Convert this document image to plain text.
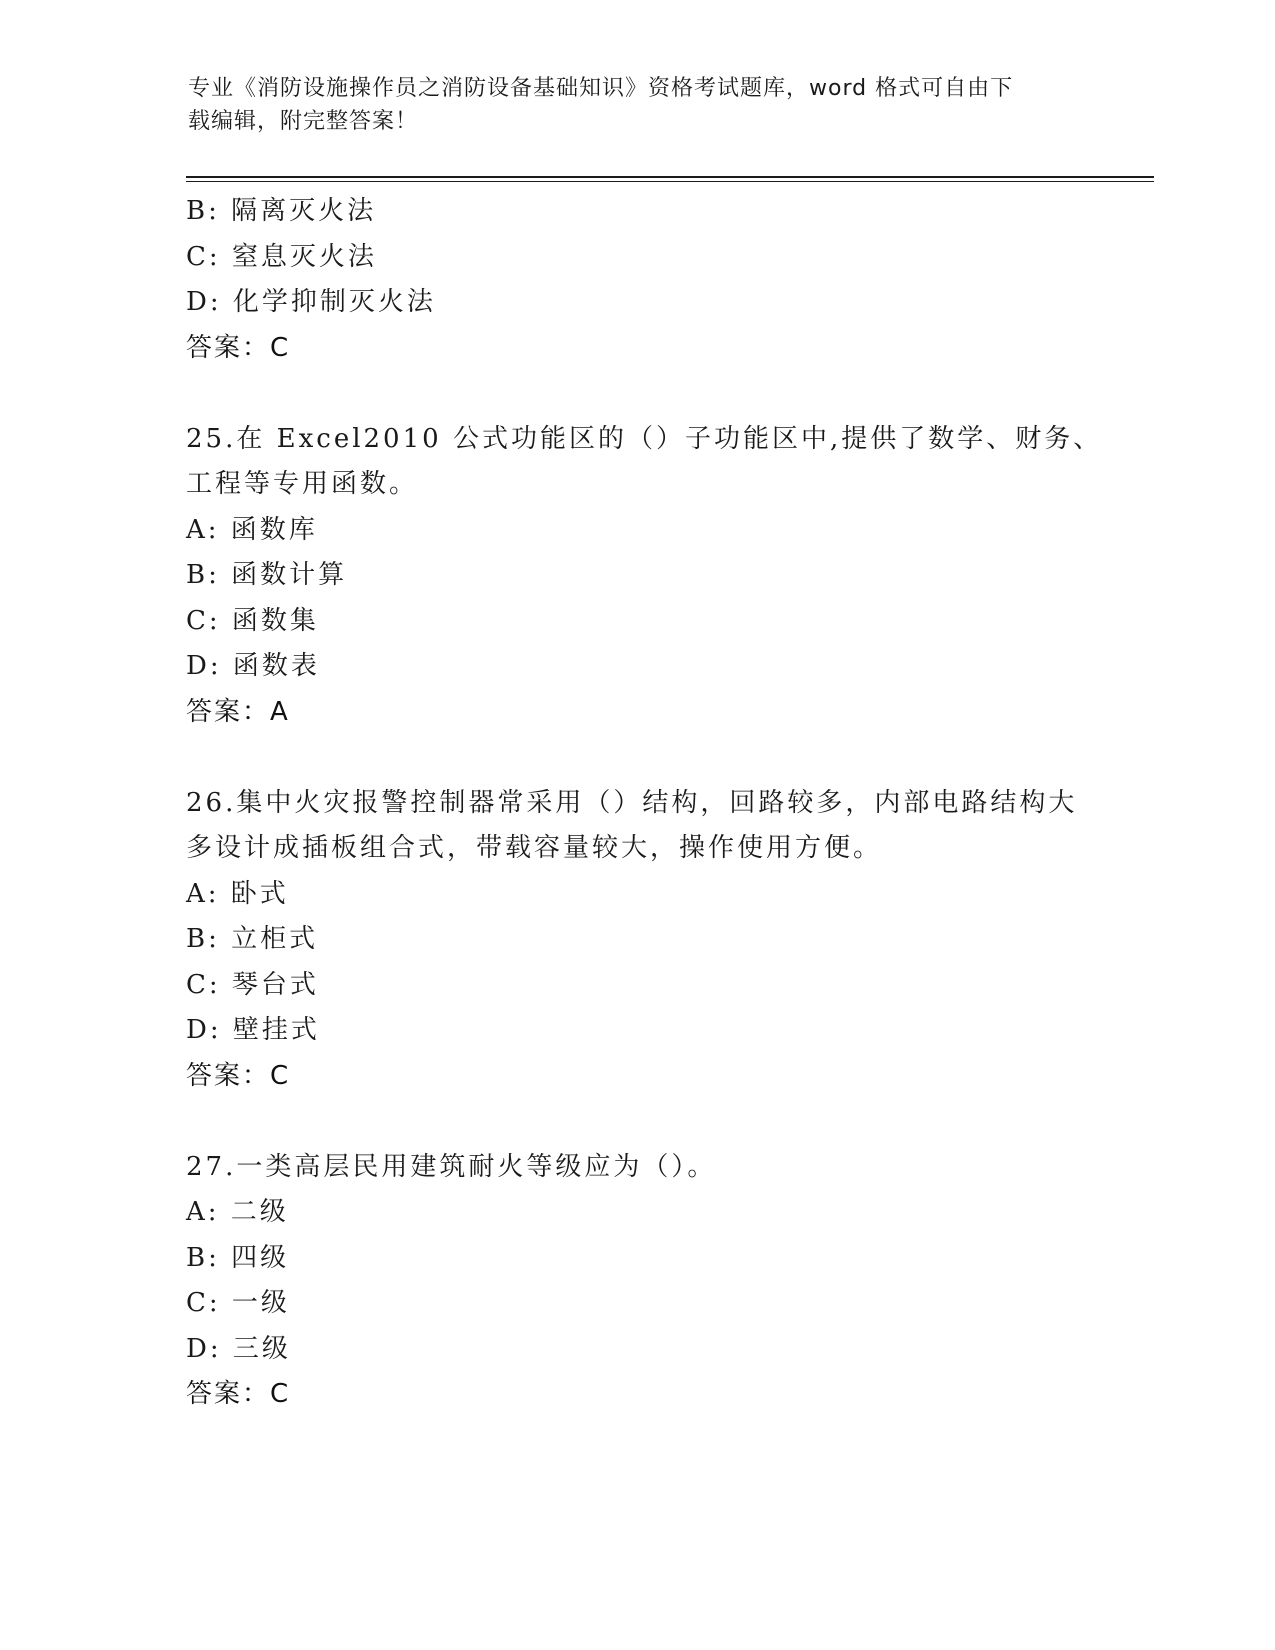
专业《消防设施操作员之消防设备基础知识》资格考试题库，word 格式可自由下
载编辑，附完整答案！
B: 隔离灭火法
C: 窒息灭火法
D: 化学抑制灭火法
答案：C
25.在 Excel2010 公式功能区的（）子功能区中,提供了数学、财务、
工程等专用函数。
A: 函数库
B: 函数计算
C: 函数集
D: 函数表
答案：A
26.集中火灾报警控制器常采用（）结构，回路较多，内部电路结构大
多设计成插板组合式，带载容量较大，操作使用方便。
A: 卧式
B: 立柜式
C: 琴台式
D: 壁挂式
答案：C
27.一类高层民用建筑耐火等级应为（）。
A: 二级
B: 四级
C: 一级
D: 三级
答案：C
